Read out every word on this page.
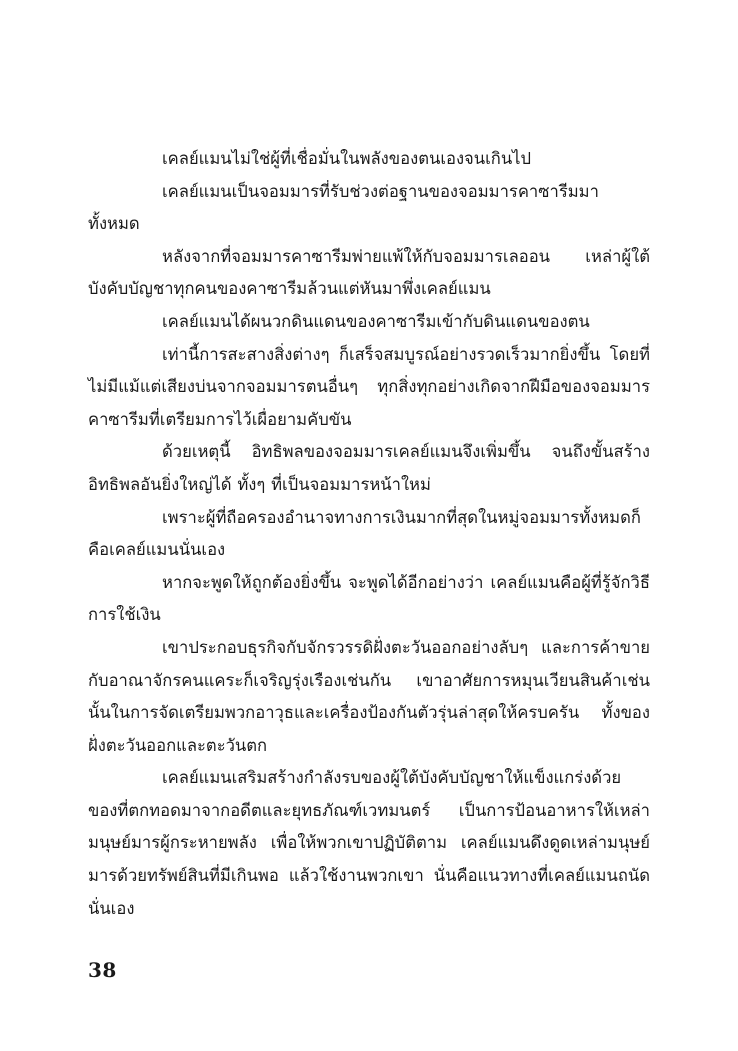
เคลย์แมนไม่ใช่ผู้ที่เชื่อมั่นในพลังของตนเองจนเกินไป

เคลย์แมนเป็นจอมมารที่รับช่วงต่อฐานของจอมมารคาซารีมมาทั้งหมด

หลังจากที่จอมมารคาซารีมพ่ายแพ้ให้กับจอมมารเลออน เหล่าผู้ใต้บังคับบัญชาทุกคนของคาซารีมล้วนแต่หันมาพึ่งเคลย์แมน

เคลย์แมนได้ผนวกดินแดนของคาซารีมเข้ากับดินแดนของตน

เท่านี้การสะสางสิ่งต่างๆ ก็เสร็จสมบูรณ์อย่างรวดเร็วมากยิ่งขึ้น โดยที่ไม่มีแม้แต่เสียงบ่นจากจอมมารตนอื่นๆ ทุกสิ่งทุกอย่างเกิดจากฝีมือของจอมมารคาซารีมที่เตรียมการไว้เผื่อยามคับขัน

ด้วยเหตุนี้ อิทธิพลของจอมมารเคลย์แมนจึงเพิ่มขึ้น จนถึงขั้นสร้างอิทธิพลอันยิ่งใหญ่ได้ ทั้งๆ ที่เป็นจอมมารหน้าใหม่

เพราะผู้ที่ถือครองอำนาจทางการเงินมากที่สุดในหมู่จอมมารทั้งหมดก็คือเคลย์แมนนั่นเอง

หากจะพูดให้ถูกต้องยิ่งขึ้น จะพูดได้อีกอย่างว่า เคลย์แมนคือผู้ที่รู้จักวิธีการใช้เงิน

เขาประกอบธุรกิจกับจักรวรรดิฝั่งตะวันออกอย่างลับๆ และการค้าขายกับอาณาจักรคนแคระก็เจริญรุ่งเรืองเช่นกัน เขาอาศัยการหมุนเวียนสินค้าเช่นนั้นในการจัดเตรียมพวกอาวุธและเครื่องป้องกันตัวรุ่นล่าสุดให้ครบครัน ทั้งของฝั่งตะวันออกและตะวันตก

เคลย์แมนเสริมสร้างกำลังรบของผู้ใต้บังคับบัญชาให้แข็งแกร่งด้วยของที่ตกทอดมาจากอดีตและยุทธภัณฑ์เวทมนตร์ เป็นการป้อนอาหารให้เหล่ามนุษย์มารผู้กระหายพลัง เพื่อให้พวกเขาปฏิบัติตาม เคลย์แมนดึงดูดเหล่ามนุษย์มารด้วยทรัพย์สินที่มีเกินพอ แล้วใช้งานพวกเขา นั่นคือแนวทางที่เคลย์แมนถนัดนั่นเอง

38
